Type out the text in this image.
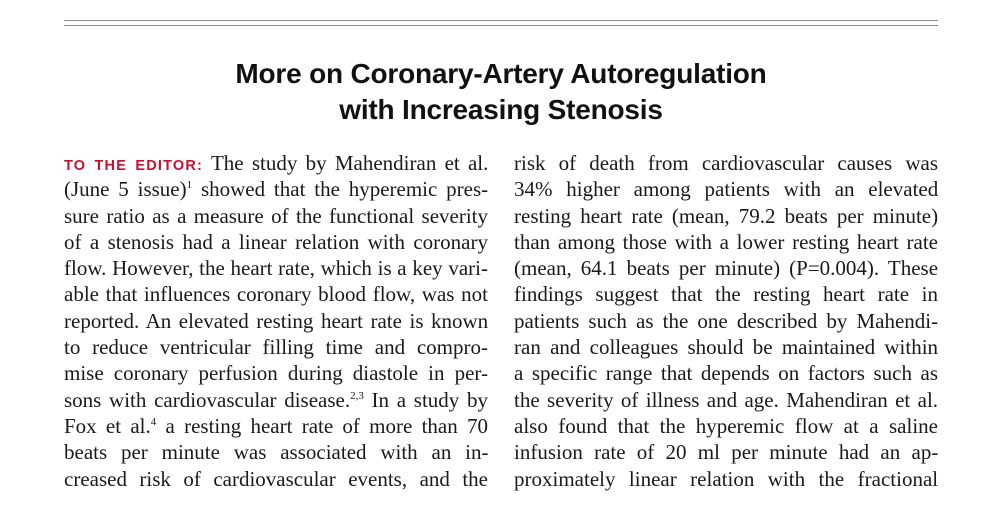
More on Coronary-Artery Autoregulation
with Increasing Stenosis
TO THE EDITOR: The study by Mahendiran et al.
(June 5 issue)$^1$ showed that the hyperemic pres-
sure ratio as a measure of the functional severity
of a stenosis had a linear relation with coronary
flow. However, the heart rate, which is a key vari-
able that influences coronary blood flow, was not
reported. An elevated resting heart rate is known
to reduce ventricular filling time and compro-
mise coronary perfusion during diastole in per-
sons with cardiovascular disease.$^{2,3}$ In a study by
Fox et al.$^4$ a resting heart rate of more than 70
beats per minute was associated with an in-
creased risk of cardiovascular events, and the
risk of death from cardiovascular causes was
34% higher among patients with an elevated
resting heart rate (mean, 79.2 beats per minute)
than among those with a lower resting heart rate
(mean, 64.1 beats per minute) (P=0.004). These
findings suggest that the resting heart rate in
patients such as the one described by Mahendi-
ran and colleagues should be maintained within
a specific range that depends on factors such as
the severity of illness and age. Mahendiran et al.
also found that the hyperemic flow at a saline
infusion rate of 20 ml per minute had an ap-
proximately linear relation with the fractional
